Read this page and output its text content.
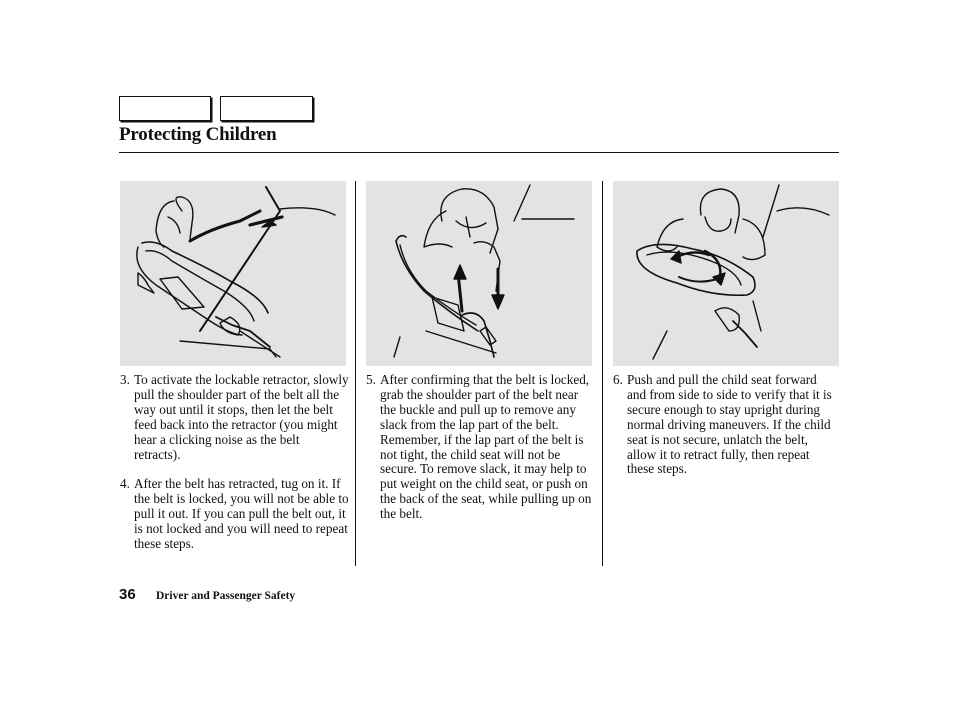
Protecting Children
3. To activate the lockable retractor, slowly pull the shoulder part of the belt all the way out until it stops, then let the belt feed back into the retractor (you might hear a clicking noise as the belt retracts).
4. After the belt has retracted, tug on it. If the belt is locked, you will not be able to pull it out. If you can pull the belt out, it is not locked and you will need to repeat these steps.
5. After confirming that the belt is locked, grab the shoulder part of the belt near the buckle and pull up to remove any slack from the lap part of the belt. Remember, if the lap part of the belt is not tight, the child seat will not be secure. To remove slack, it may help to put weight on the child seat, or push on the back of the seat, while pulling up on the belt.
6. Push and pull the child seat forward and from side to side to verify that it is secure enough to stay upright during normal driving maneuvers. If the child seat is not secure, unlatch the belt, allow it to retract fully, then repeat these steps.
36 Driver and Passenger Safety
